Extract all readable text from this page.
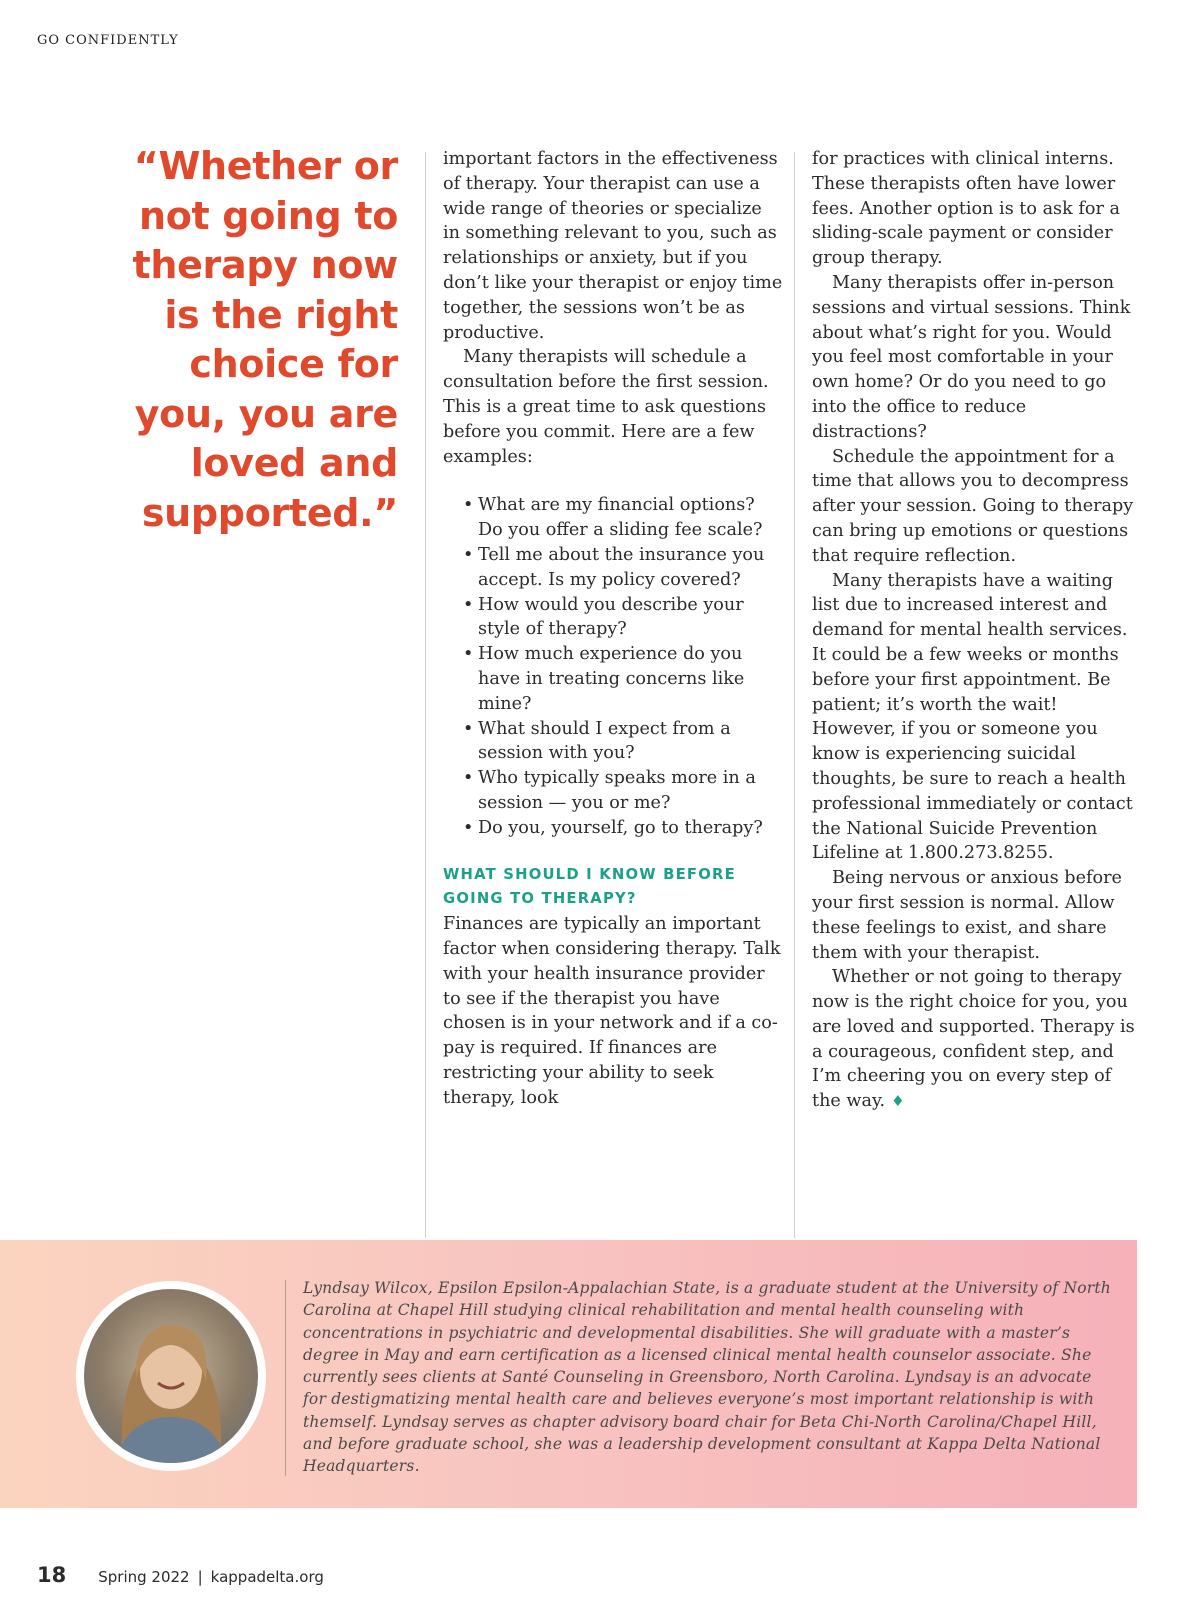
GO CONFIDENTLY
“Whether or not going to therapy now is the right choice for you, you are loved and supported.”

important factors in the effectiveness of therapy. Your therapist can use a wide range of theories or specialize in something relevant to you, such as relationships or anxiety, but if you don’t like your therapist or enjoy time together, the sessions won’t be as productive.

Many therapists will schedule a consultation before the first session. This is a great time to ask questions before you commit. Here are a few examples:

• What are my financial options? Do you offer a sliding fee scale?
• Tell me about the insurance you accept. Is my policy covered?
• How would you describe your style of therapy?
• How much experience do you have in treating concerns like mine?
• What should I expect from a session with you?
• Who typically speaks more in a session — you or me?
• Do you, yourself, go to therapy?
WHAT SHOULD I KNOW BEFORE GOING TO THERAPY?

Finances are typically an important factor when considering therapy. Talk with your health insurance provider to see if the therapist you have chosen is in your network and if a co-pay is required. If finances are restricting your ability to seek therapy, look

for practices with clinical interns. These therapists often have lower fees. Another option is to ask for a sliding-scale payment or consider group therapy.

Many therapists offer in-person sessions and virtual sessions. Think about what’s right for you. Would you feel most comfortable in your own home? Or do you need to go into the office to reduce distractions?

Schedule the appointment for a time that allows you to decompress after your session. Going to therapy can bring up emotions or questions that require reflection.

Many therapists have a waiting list due to increased interest and demand for mental health services. It could be a few weeks or months before your first appointment. Be patient; it’s worth the wait! However, if you or someone you know is experiencing suicidal thoughts, be sure to reach a health professional immediately or contact the National Suicide Prevention Lifeline at 1.800.273.8255.

Being nervous or anxious before your first session is normal. Allow these feelings to exist, and share them with your therapist.

Whether or not going to therapy now is the right choice for you, you are loved and supported. Therapy is a courageous, confident step, and I’m cheering you on every step of the way. ♦

Lyndsay Wilcox, Epsilon Epsilon-Appalachian State, is a graduate student at the University of North Carolina at Chapel Hill studying clinical rehabilitation and mental health counseling with concentrations in psychiatric and developmental disabilities. She will graduate with a master’s degree in May and earn certification as a licensed clinical mental health counselor associate. She currently sees clients at Santé Counseling in Greensboro, North Carolina. Lyndsay is an advocate for destigmatizing mental health care and believes everyone’s most important relationship is with themself. Lyndsay serves as chapter advisory board chair for Beta Chi-North Carolina/Chapel Hill, and before graduate school, she was a leadership development consultant at Kappa Delta National Headquarters.
18 Spring 2022 | kappadelta.org
